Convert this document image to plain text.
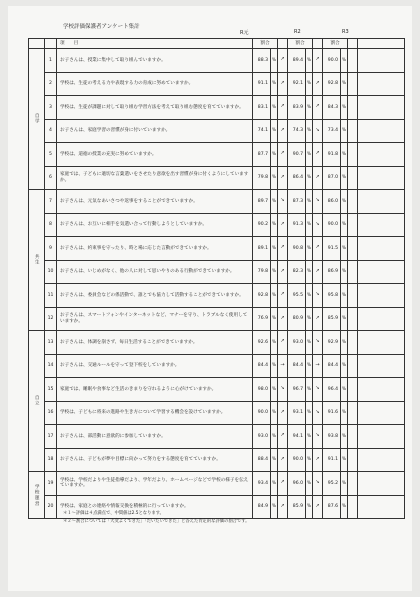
学校評価保護者アンケート集計
R元	R2	R3
		項　　目	割合			割合			割合			
自学	1	お子さんは、授業に集中して取り組んでいますか。	88.3	%	↗	89.4	%	↗	90.0	%		
	2	学校は、生徒の考える力や表現する力の育成に努めていますか。	91.1	%	↗	92.1	%	↗	92.8	%		
	3	学校は、生徒が課題に対して取り組む学習方法を考えて取り組む態度を育てていますか。	83.1	%	↗	83.9	%	↗	84.3	%		
	4	お子さんは、家庭学習の習慣が身に付いていますか。	74.1	%	↗	74.3	%	↘	73.4	%		
	5	学校は、道徳の授業の充実に努めていますか。	87.7	%	↗	90.7	%	↗	91.8	%		
	6	家庭では、子どもに適切な言葉遣いをさせたり意欲を出す習慣が身に付くようにしていますか。	79.8	%	↗	86.4	%	↗	87.0	%		
共生	7	お子さんは、元気なあいさつや返事をすることができていますか。	89.7	%	↘	87.3	%	↘	86.0	%		
	8	お子さんは、お互いに相手を気遣い合って行動しようとしていますか。	90.2	%	↗	91.3	%	↘	90.0	%		
	9	お子さんは、約束事を守ったり、時と場に応じた言動ができていますか。	89.1	%	↗	90.8	%	↗	91.5	%		
	10	お子さんは、いじめがなく、他の人に対して思いやりのある行動ができていますか。	79.8	%	↗	82.3	%	↗	86.9	%		
	11	お子さんは、委員会などの係活動で、誰とでも協力して活動することができていますか。	92.8	%	↗	95.5	%	↘	95.8	%		
	12	お子さんは、スマートフォンやインターネットなど、マナーを守り、トラブルなく使用していますか。	76.9	%	↗	80.9	%	↗	85.9	%		
自立	13	お子さんは、体調を崩さず、毎日生活することができていますか。	92.6	%	↗	93.0	%	↘	92.9	%		
	14	お子さんは、交通ルールを守って登下校をしていますか。	84.4	%	→	84.4	%	→	84.4	%		
	15	家庭では、睡眠や食事など生活のきまりを守れるように心がけていますか。	98.0	%	↘	96.7	%	↘	96.4	%		
	16	学校は、子どもに将来の進路や生き方について学習する機会を設けていますか。	90.0	%	↗	93.1	%	↘	91.6	%		
	17	お子さんは、部活動に意欲的に参加していますか。	93.0	%	↗	94.1	%	↘	93.8	%		
	18	お子さんは、子どもが夢や目標に向かって努力をする態度を育てていますか。	88.4	%	↗	90.0	%	↗	91.1	%		
学校運営	19	学校は、学校だよりや生徒指導だより、学年だより、ホームページなどで学校の様子を伝えていますか。	93.4	%	↗	96.0	%	↘	95.2	%		
	20	学校は、家庭との連絡や情報交換を積極的に行っていますか。	84.9	%	↗	85.9	%	↗	87.6	%		
＊１～評価は４点満点で、中間値は2.5となります。
＊２～割合については「大変よくできた」「だいたいできた」と答えた肯定的な評価の割合です。
